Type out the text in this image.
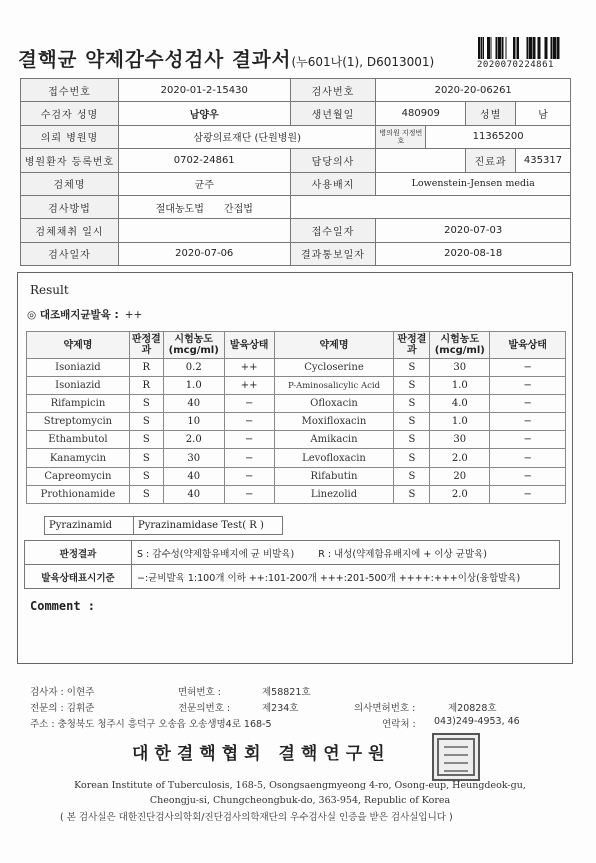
결핵균 약제감수성검사 결과서(누601나(1), D6013001)	2020070224861
접수번호	2020-01-2-15430	검사번호	2020-20-06261			
수검자 성명	남양우	생년월일	480909		성별	남
의뢰 병원명	삼광의료재단 (단원병원)		병의원 지정번호	11365200		
병원환자 등록번호	0702-24861	담당의사			진료과	435317
검체명	균주	사용배지	Lowenstein-Jensen media			
검사방법	절대농도법 간접법					
검체채취 일시		접수일자	2020-07-03			
검사일자	2020-07-06	결과통보일자	2020-08-18			
Result
◎ 대조배지균발육 : ++
약제명	판정결과	시험농도 (mcg/ml)	발육상태	약제명	판정결과	시험농도 (mcg/ml)	발육상태
Isoniazid	R	0.2	++	Cycloserine	S	30	−
Isoniazid	R	1.0	++	P-Aminosalicylic Acid	S	1.0	−
Rifampicin	S	40	−	Ofloxacin	S	4.0	−
Streptomycin	S	10	−	Moxifloxacin	S	1.0	−
Ethambutol	S	2.0	−	Amikacin	S	30	−
Kanamycin	S	30	−	Levofloxacin	S	2.0	−
Capreomycin	S	40	−	Rifabutin	S	20	−
Prothionamide	S	40	−	Linezolid	S	2.0	−
Pyrazinamid	Pyrazinamidase Test( R )
판정결과	S : 감수성(약제함유배지에 균 비발육) R : 내성(약제함유배지에 + 이상 균발육)
발육상태표시기준	−:균비발육 1:100개 이하 ++:101-200개 +++:201-500개 ++++:+++이상(융합발육)
Comment :
검사자 : 이현주	면허번호 :	제58821호
전문의 : 김휘준	전문의번호 :	제234호	의사면허번호 :	제20828호
주소 : 충청북도 청주시 흥덕구 오송읍 오송생명4로 168-5	연락처 : 043)249-4953, 46
대한결핵협회 결핵연구원
Korean Institute of Tuberculosis, 168-5, Osongsaengmyeong 4-ro, Osong-eup, Heungdeok-gu,
Cheongju-si, Chungcheongbuk-do, 363-954, Republic of Korea
( 본 검사실은 대한진단검사의학회/진단검사의학재단의 우수검사실 인증을 받은 검사실입니다 )
